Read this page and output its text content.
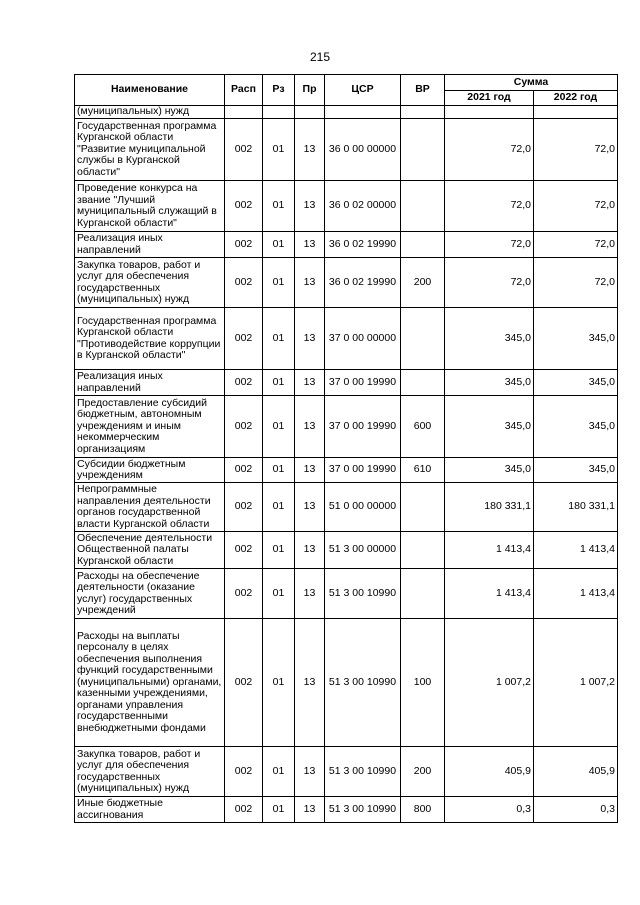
215
Наименование	Расп	Рз	Пр	ЦСР	ВР	Сумма	
						2021 год	2022 год
(муниципальных) нужд							
Государственная программа Курганской области "Развитие муниципальной службы в Курганской области"	002	01	13	36 0 00 00000		72,0	72,0
Проведение конкурса на звание "Лучший муниципальный служащий в Курганской области"	002	01	13	36 0 02 00000		72,0	72,0
Реализация иных направлений	002	01	13	36 0 02 19990		72,0	72,0
Закупка товаров, работ и услуг для обеспечения государственных (муниципальных) нужд	002	01	13	36 0 02 19990	200	72,0	72,0
Государственная программа Курганской области "Противодействие коррупции в Курганской области"	002	01	13	37 0 00 00000		345,0	345,0
Реализация иных направлений	002	01	13	37 0 00 19990		345,0	345,0
Предоставление субсидий бюджетным, автономным учреждениям и иным некоммерческим организациям	002	01	13	37 0 00 19990	600	345,0	345,0
Субсидии бюджетным учреждениям	002	01	13	37 0 00 19990	610	345,0	345,0
Непрограммные направления деятельности органов государственной власти Курганской области	002	01	13	51 0 00 00000		180 331,1	180 331,1
Обеспечение деятельности Общественной палаты Курганской области	002	01	13	51 3 00 00000		1 413,4	1 413,4
Расходы на обеспечение деятельности (оказание услуг) государственных учреждений	002	01	13	51 3 00 10990		1 413,4	1 413,4
Расходы на выплаты персоналу в целях обеспечения выполнения функций государственными (муниципальными) органами, казенными учреждениями, органами управления государственными внебюджетными фондами	002	01	13	51 3 00 10990	100	1 007,2	1 007,2
Закупка товаров, работ и услуг для обеспечения государственных (муниципальных) нужд	002	01	13	51 3 00 10990	200	405,9	405,9
Иные бюджетные ассигнования	002	01	13	51 3 00 10990	800	0,3	0,3
